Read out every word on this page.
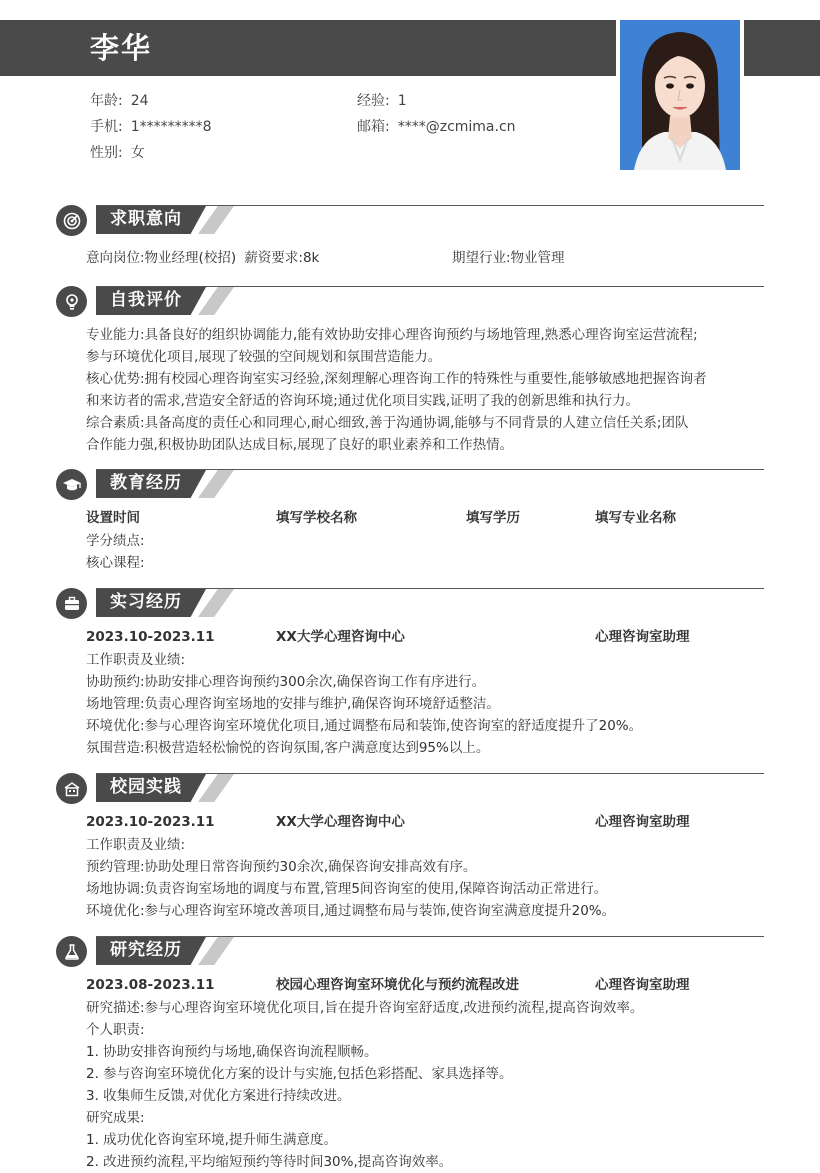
李华
年龄: 24	经验: 1
手机: 1*********8	邮箱: ****@zcmima.cn
性别: 女
求职意向
意向岗位:物业经理(校招) 薪资要求:8k	期望行业:物业管理
自我评价
专业能力:具备良好的组织协调能力,能有效协助安排心理咨询预约与场地管理,熟悉心理咨询室运营流程;
参与环境优化项目,展现了较强的空间规划和氛围营造能力。
核心优势:拥有校园心理咨询室实习经验,深刻理解心理咨询工作的特殊性与重要性,能够敏感地把握咨询者
和来访者的需求,营造安全舒适的咨询环境;通过优化项目实践,证明了我的创新思维和执行力。
综合素质:具备高度的责任心和同理心,耐心细致,善于沟通协调,能够与不同背景的人建立信任关系;团队
合作能力强,积极协助团队达成目标,展现了良好的职业素养和工作热情。
教育经历
设置时间	填写学校名称	填写学历	填写专业名称
学分绩点:
核心课程:
实习经历
2023.10-2023.11	XX大学心理咨询中心	心理咨询室助理
工作职责及业绩:
协助预约:协助安排心理咨询预约300余次,确保咨询工作有序进行。
场地管理:负责心理咨询室场地的安排与维护,确保咨询环境舒适整洁。
环境优化:参与心理咨询室环境优化项目,通过调整布局和装饰,使咨询室的舒适度提升了20%。
氛围营造:积极营造轻松愉悦的咨询氛围,客户满意度达到95%以上。
校园实践
2023.10-2023.11	XX大学心理咨询中心	心理咨询室助理
工作职责及业绩:
预约管理:协助处理日常咨询预约30余次,确保咨询安排高效有序。
场地协调:负责咨询室场地的调度与布置,管理5间咨询室的使用,保障咨询活动正常进行。
环境优化:参与心理咨询室环境改善项目,通过调整布局与装饰,使咨询室满意度提升20%。
研究经历
2023.08-2023.11	校园心理咨询室环境优化与预约流程改进	心理咨询室助理
研究描述:参与心理咨询室环境优化项目,旨在提升咨询室舒适度,改进预约流程,提高咨询效率。
个人职责:
1. 协助安排咨询预约与场地,确保咨询流程顺畅。
2. 参与咨询室环境优化方案的设计与实施,包括色彩搭配、家具选择等。
3. 收集师生反馈,对优化方案进行持续改进。
研究成果:
1. 成功优化咨询室环境,提升师生满意度。
2. 改进预约流程,平均缩短预约等待时间30%,提高咨询效率。
